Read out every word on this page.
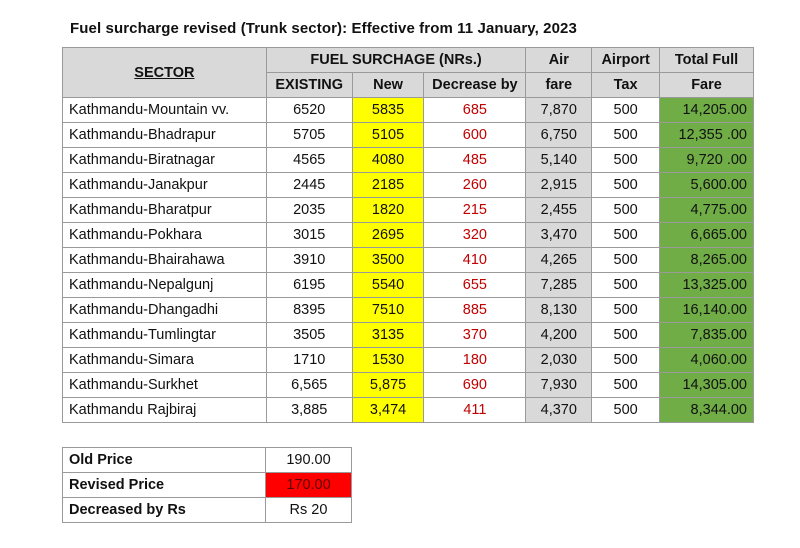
Fuel surcharge revised (Trunk sector): Effective from 11 January, 2023
SECTOR	FUEL SURCHAGE (NRs.)			Air	Airport	Total Full
	EXISTING	New	Decrease by	fare	Tax	Fare
Kathmandu-Mountain vv.	6520	5835	685	7,870	500	14,205.00
Kathmandu-Bhadrapur	5705	5105	600	6,750	500	12,355 .00
Kathmandu-Biratnagar	4565	4080	485	5,140	500	9,720 .00
Kathmandu-Janakpur	2445	2185	260	2,915	500	5,600.00
Kathmandu-Bharatpur	2035	1820	215	2,455	500	4,775.00
Kathmandu-Pokhara	3015	2695	320	3,470	500	6,665.00
Kathmandu-Bhairahawa	3910	3500	410	4,265	500	8,265.00
Kathmandu-Nepalgunj	6195	5540	655	7,285	500	13,325.00
Kathmandu-Dhangadhi	8395	7510	885	8,130	500	16,140.00
Kathmandu-Tumlingtar	3505	3135	370	4,200	500	7,835.00
Kathmandu-Simara	1710	1530	180	2,030	500	4,060.00
Kathmandu-Surkhet	6,565	5,875	690	7,930	500	14,305.00
Kathmandu Rajbiraj	3,885	3,474	411	4,370	500	8,344.00
Old Price	190.00
Revised Price	170.00
Decreased by Rs	Rs 20
